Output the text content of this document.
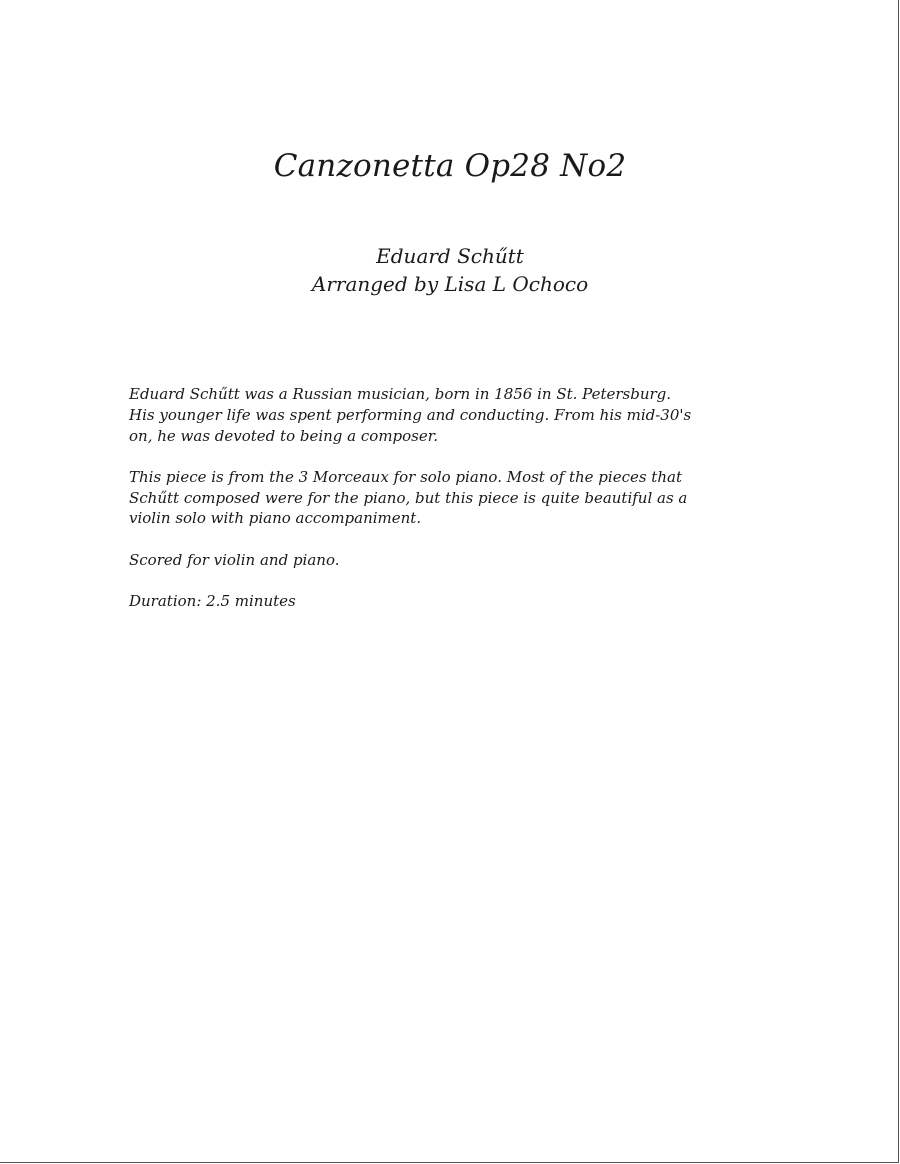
Canzonetta Op28 No2
Eduard Schűtt
Arranged by Lisa L Ochoco

Eduard Schűtt was a Russian musician, born in 1856 in St. Petersburg.
His younger life was spent performing and conducting. From his mid-30's
on, he was devoted to being a composer.

This piece is from the 3 Morceaux for solo piano. Most of the pieces that
Schűtt composed were for the piano, but this piece is quite beautiful as a
violin solo with piano accompaniment.

Scored for violin and piano.

Duration: 2.5 minutes
